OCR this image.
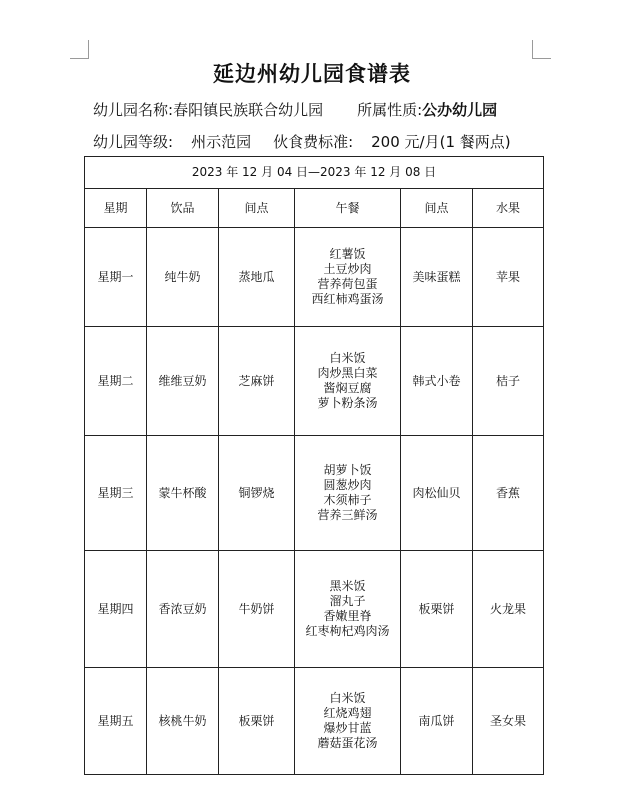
延边州幼儿园食谱表
幼儿园名称:春阳镇民族联合幼儿园 所属性质:公办幼儿园
幼儿园等级: 州示范园 伙食费标准: 200 元/月(1 餐两点)
2023 年 12 月 04 日—2023 年 12 月 08 日					
星期	饮品	间点	午餐	间点	水果
星期一	纯牛奶	蒸地瓜	红薯饭
土豆炒肉
营养荷包蛋
西红柿鸡蛋汤	美味蛋糕	苹果
星期二	维维豆奶	芝麻饼	白米饭
肉炒黑白菜
酱焖豆腐
萝卜粉条汤	韩式小卷	桔子
星期三	蒙牛杯酸	铜锣烧	胡萝卜饭
圆葱炒肉
木须柿子
营养三鲜汤	肉松仙贝	香蕉
星期四	香浓豆奶	牛奶饼	黑米饭
溜丸子
香嫩里脊
红枣枸杞鸡肉汤	板栗饼	火龙果
星期五	核桃牛奶	板栗饼	白米饭
红烧鸡翅
爆炒甘蓝
蘑菇蛋花汤	南瓜饼	圣女果
